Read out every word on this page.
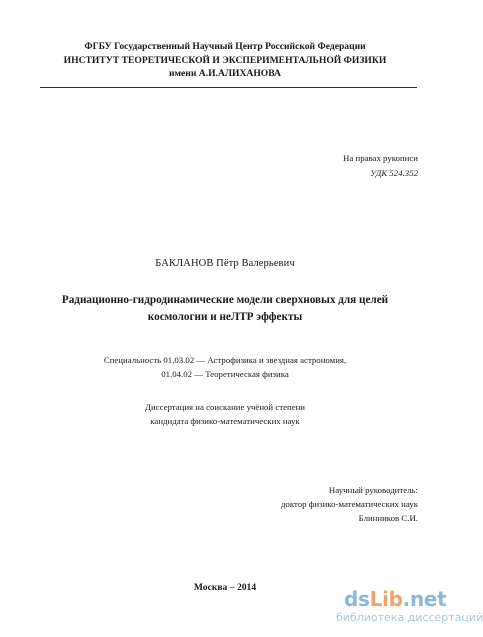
ФГБУ Государственный Научный Центр Российской Федерации
ИНСТИТУТ ТЕОРЕТИЧЕСКОЙ И ЭКСПЕРИМЕНТАЛЬНОЙ ФИЗИКИ
имени А.И.АЛИХАНОВА
На правах рукописи
УДК 524.352
БАКЛАНОВ Пётр Валерьевич
Радиационно-гидродинамические модели сверхновых для целей
космологии и неЛТР эффекты
Специальность 01.03.02 — Астрофизика и звездная астрономия,
01.04.02 — Теоретическая физика
Диссертация на соискание учёной степени
кандидата физико-математических наук
Научный руководитель:
доктор физико-математических наук
Блинников С.И.
Москва – 2014	dsLib.net
библиотека диссертаций
